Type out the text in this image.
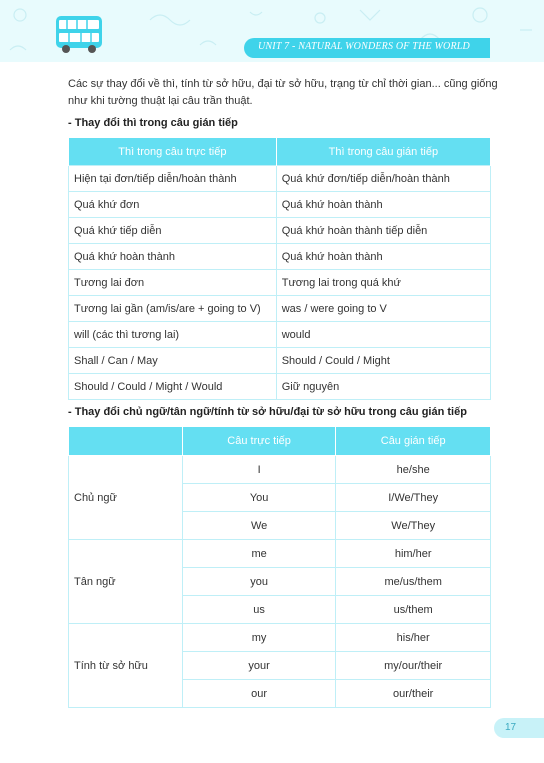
UNIT 7 - NATURAL WONDERS OF THE WORLD
Các sự thay đổi về thì, tính từ sở hữu, đại từ sở hữu, trạng từ chỉ thời gian... cũng giống như khi tường thuật lại câu trần thuật.
- Thay đổi thì trong câu gián tiếp
Thì trong câu trực tiếp	Thì trong câu gián tiếp
Hiện tại đơn/tiếp diễn/hoàn thành	Quá khứ đơn/tiếp diễn/hoàn thành
Quá khứ đơn	Quá khứ hoàn thành
Quá khứ tiếp diễn	Quá khứ hoàn thành tiếp diễn
Quá khứ hoàn thành	Quá khứ hoàn thành
Tương lai đơn	Tương lai trong quá khứ
Tương lai gần (am/is/are + going to V)	was / were going to V
will (các thì tương lai)	would
Shall / Can / May	Should / Could / Might
Should / Could / Might / Would	Giữ nguyên
- Thay đổi chủ ngữ/tân ngữ/tính từ sở hữu/đại từ sở hữu trong câu gián tiếp
	Câu trực tiếp	Câu gián tiếp
Chủ ngữ	I	he/she
	You	I/We/They
	We	We/They
Tân ngữ	me	him/her
	you	me/us/them
	us	us/them
Tính từ sở hữu	my	his/her
	your	my/our/their
	our	our/their
17
